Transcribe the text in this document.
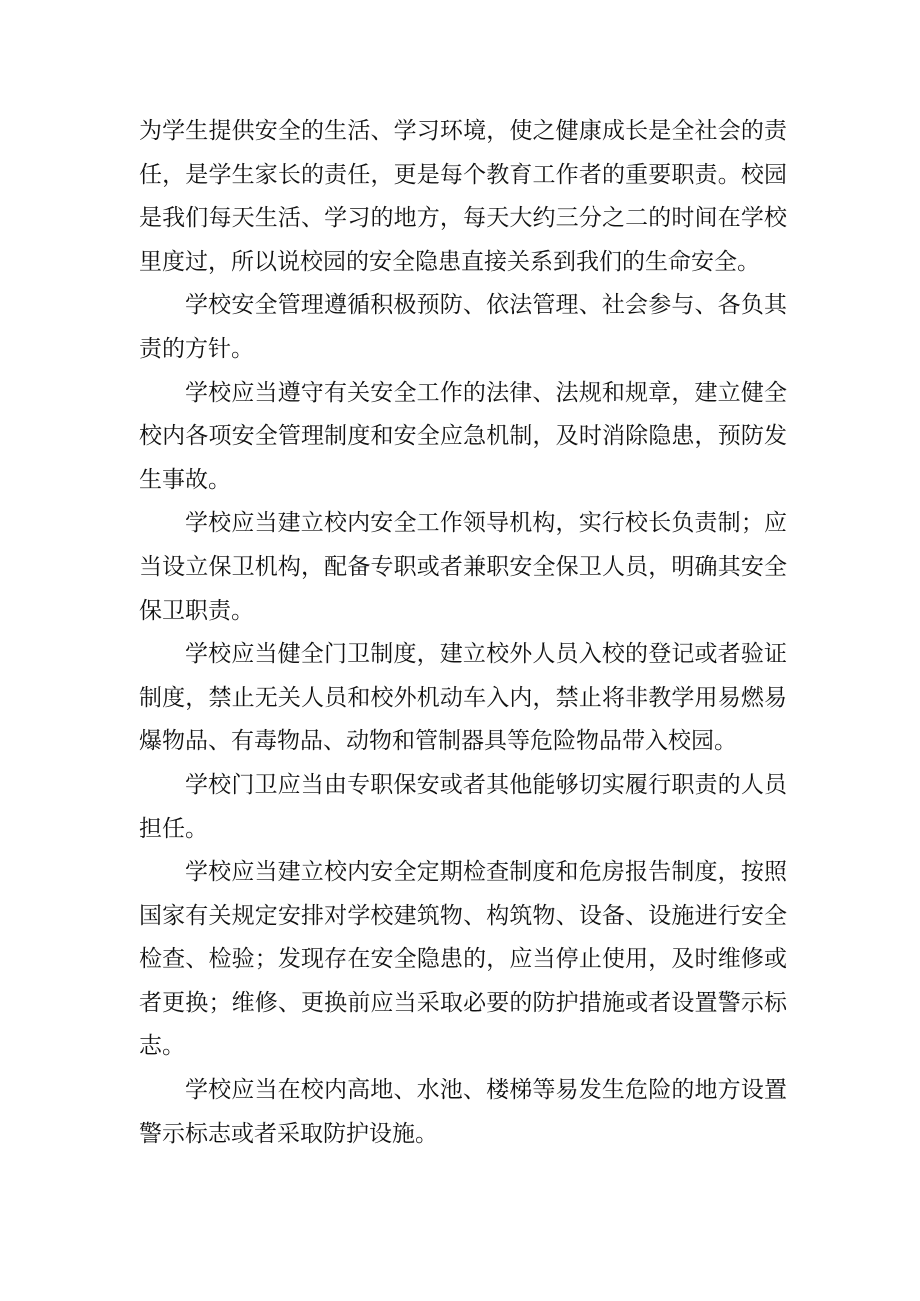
为学生提供安全的生活、学习环境，使之健康成长是全社会的责任，是学生家长的责任，更是每个教育工作者的重要职责。校园是我们每天生活、学习的地方，每天大约三分之二的时间在学校里度过，所以说校园的安全隐患直接关系到我们的生命安全。

学校安全管理遵循积极预防、依法管理、社会参与、各负其责的方针。

学校应当遵守有关安全工作的法律、法规和规章，建立健全校内各项安全管理制度和安全应急机制，及时消除隐患，预防发生事故。

学校应当建立校内安全工作领导机构，实行校长负责制；应当设立保卫机构，配备专职或者兼职安全保卫人员，明确其安全保卫职责。

学校应当健全门卫制度，建立校外人员入校的登记或者验证制度，禁止无关人员和校外机动车入内，禁止将非教学用易燃易爆物品、有毒物品、动物和管制器具等危险物品带入校园。

学校门卫应当由专职保安或者其他能够切实履行职责的人员担任。

学校应当建立校内安全定期检查制度和危房报告制度，按照国家有关规定安排对学校建筑物、构筑物、设备、设施进行安全检查、检验；发现存在安全隐患的，应当停止使用，及时维修或者更换；维修、更换前应当采取必要的防护措施或者设置警示标志。

学校应当在校内高地、水池、楼梯等易发生危险的地方设置警示标志或者采取防护设施。
